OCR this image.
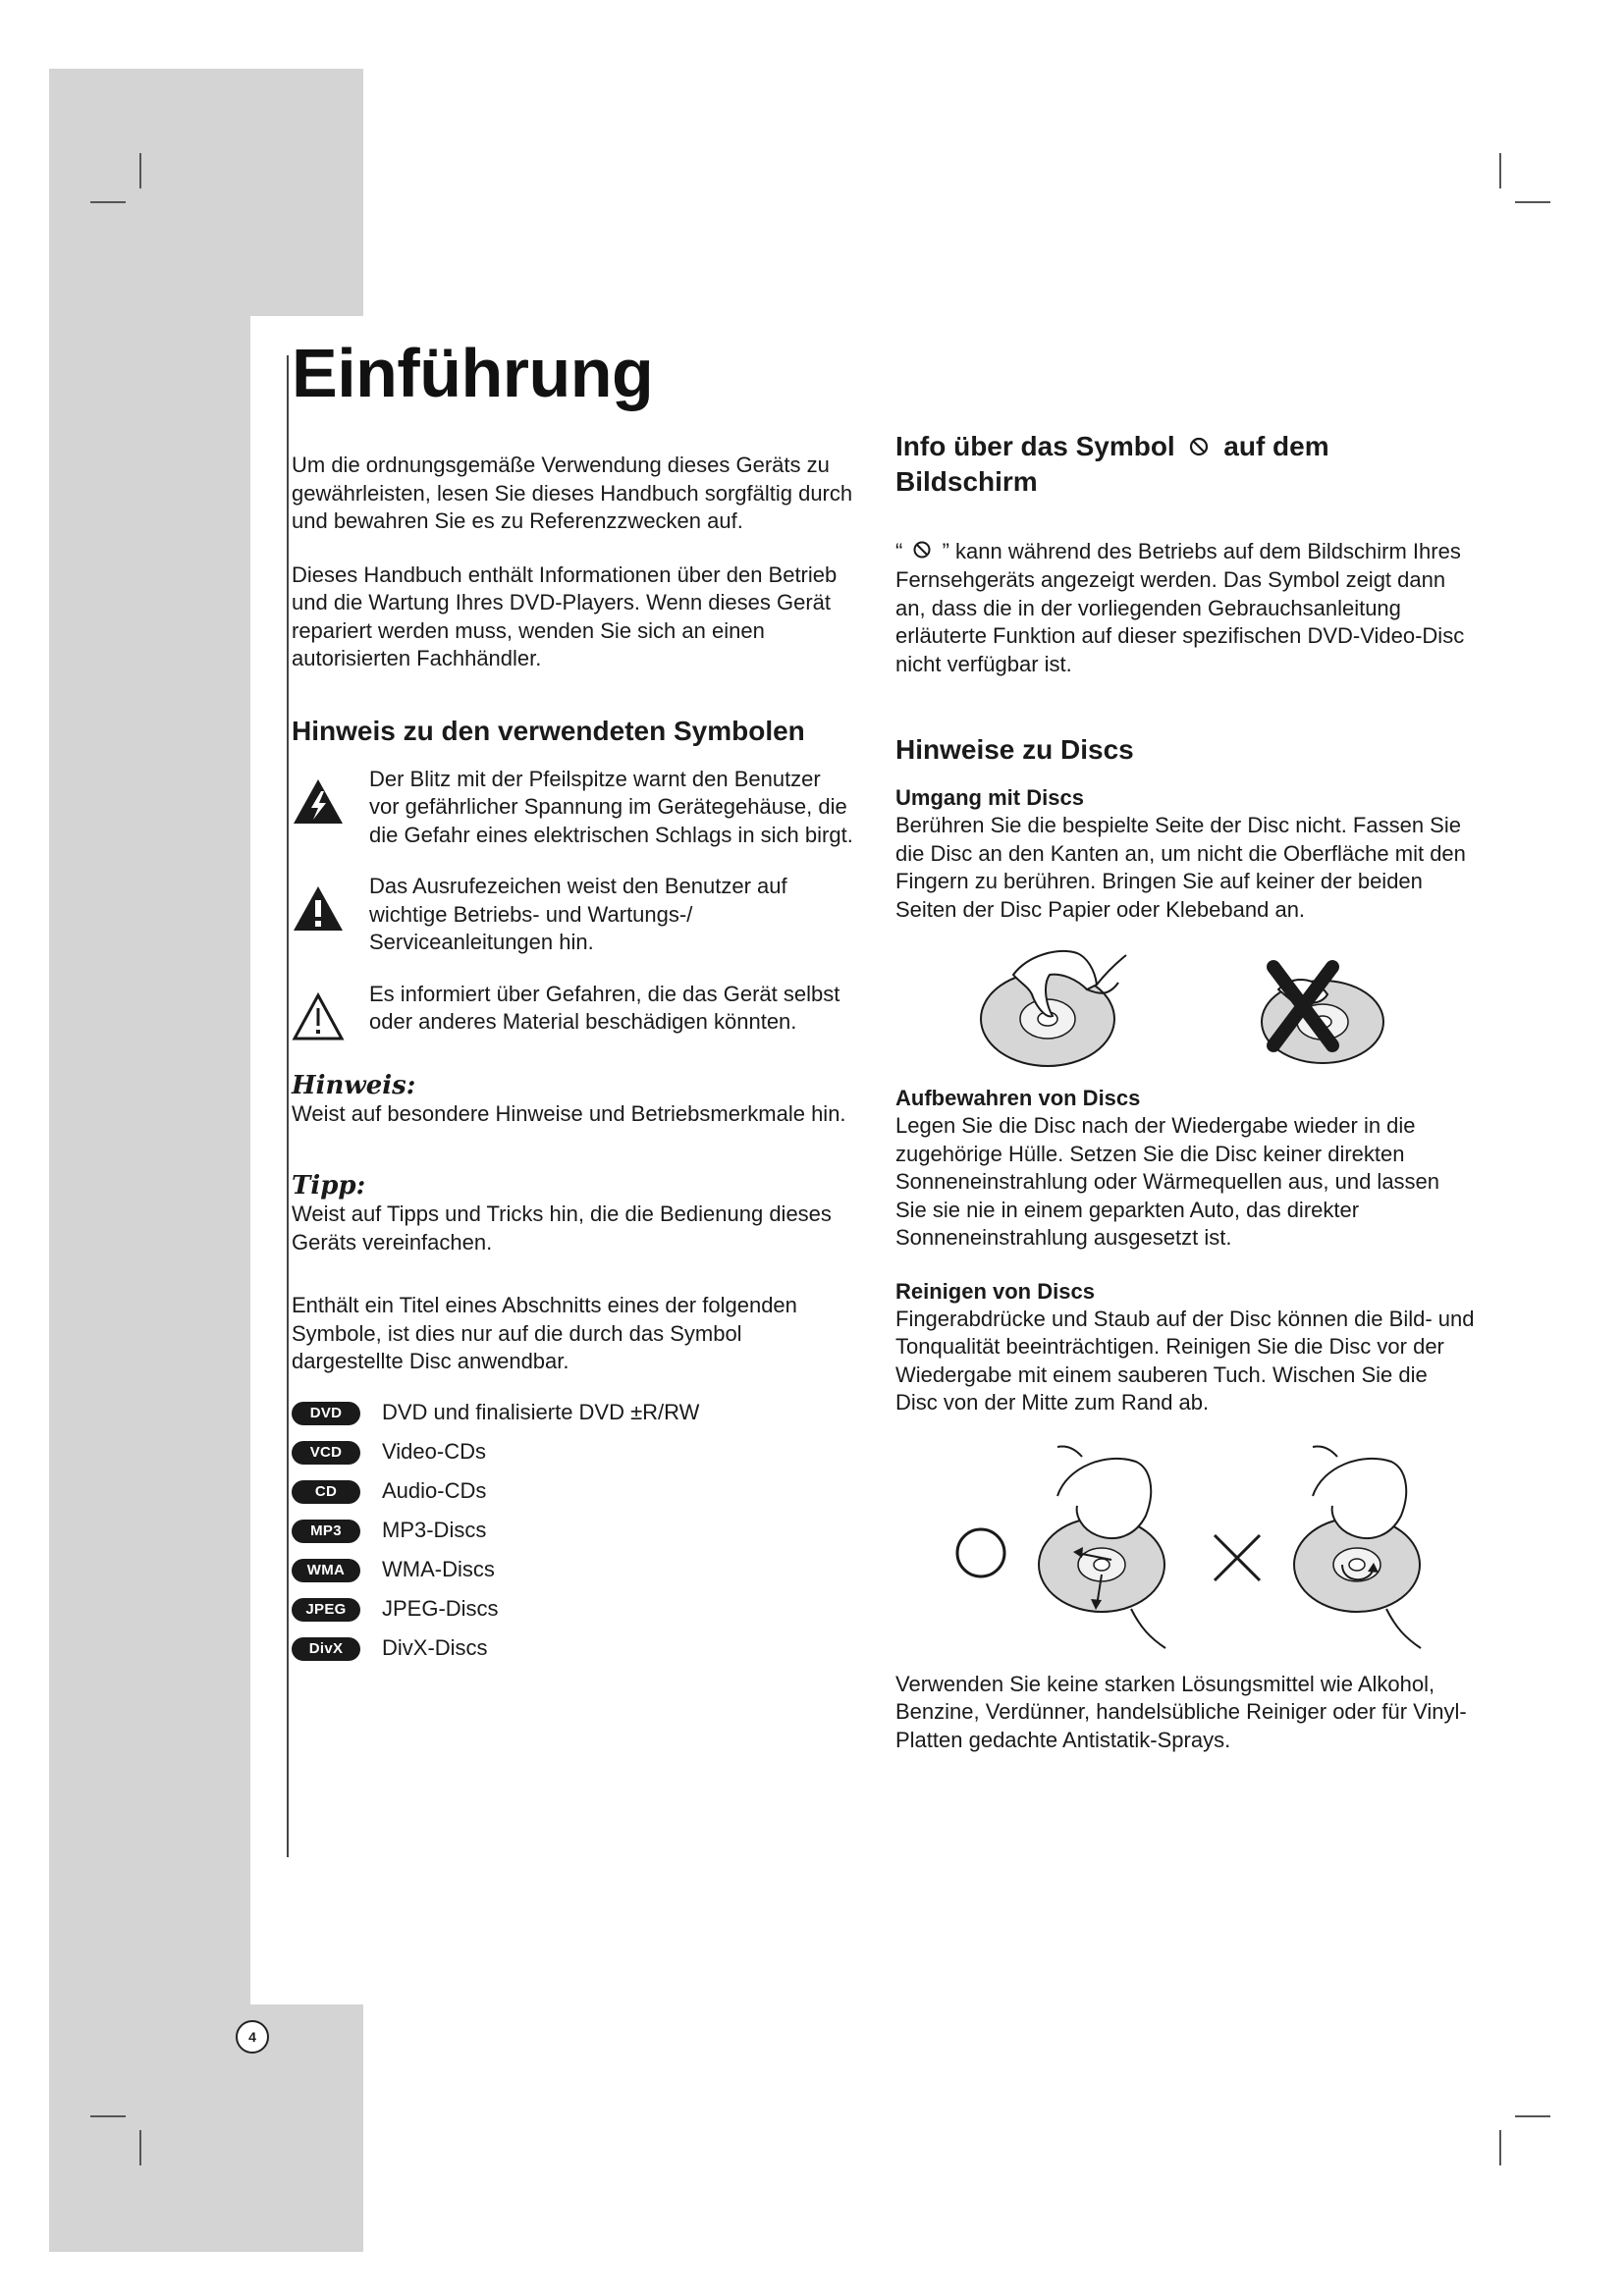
Einführung

Um die ordnungsgemäße Verwendung dieses Geräts zu gewährleisten, lesen Sie dieses Handbuch sorgfältig durch und bewahren Sie es zu Referenzzwecken auf.

Dieses Handbuch enthält Informationen über den Betrieb und die Wartung Ihres DVD-Players. Wenn dieses Gerät repariert werden muss, wenden Sie sich an einen autorisierten Fachhändler.

Hinweis zu den verwendeten Symbolen

Der Blitz mit der Pfeilspitze warnt den Benutzer vor gefährlicher Spannung im Gerätegehäuse, die die Gefahr eines elektrischen Schlags in sich birgt.

Das Ausrufezeichen weist den Benutzer auf wichtige Betriebs- und Wartungs-/ Serviceanleitungen hin.

Es informiert über Gefahren, die das Gerät selbst oder anderes Material beschädigen könnten.

Hinweis:

Weist auf besondere Hinweise und Betriebsmerkmale hin.

Tipp:

Weist auf Tipps und Tricks hin, die die Bedienung dieses Geräts vereinfachen.

Enthält ein Titel eines Abschnitts eines der folgenden Symbole, ist dies nur auf die durch das Symbol dargestellte Disc anwendbar.

DVD	DVD und finalisierte DVD ±R/RW
VCD	Video-CDs
CD	Audio-CDs
MP3	MP3-Discs
WMA	WMA-Discs
JPEG	JPEG-Discs
DivX	DivX-Discs
Info über das Symbol auf dem Bildschirm

“ ” kann während des Betriebs auf dem Bildschirm Ihres Fernsehgeräts angezeigt werden. Das Symbol zeigt dann an, dass die in der vorliegenden Gebrauchsanleitung erläuterte Funktion auf dieser spezifischen DVD-Video-Disc nicht verfügbar ist.

Hinweise zu Discs
Umgang mit Discs

Berühren Sie die bespielte Seite der Disc nicht. Fassen Sie die Disc an den Kanten an, um nicht die Oberfläche mit den Fingern zu berühren. Bringen Sie auf keiner der beiden Seiten der Disc Papier oder Klebeband an.

Aufbewahren von Discs

Legen Sie die Disc nach der Wiedergabe wieder in die zugehörige Hülle. Setzen Sie die Disc keiner direkten Sonneneinstrahlung oder Wärmequellen aus, und lassen Sie sie nie in einem geparkten Auto, das direkter Sonneneinstrahlung ausgesetzt ist.

Reinigen von Discs

Fingerabdrücke und Staub auf der Disc können die Bild- und Tonqualität beeinträchtigen. Reinigen Sie die Disc vor der Wiedergabe mit einem sauberen Tuch. Wischen Sie die Disc von der Mitte zum Rand ab.

Verwenden Sie keine starken Lösungsmittel wie Alkohol, Benzine, Verdünner, handelsübliche Reiniger oder für Vinyl-Platten gedachte Antistatik-Sprays.

4
